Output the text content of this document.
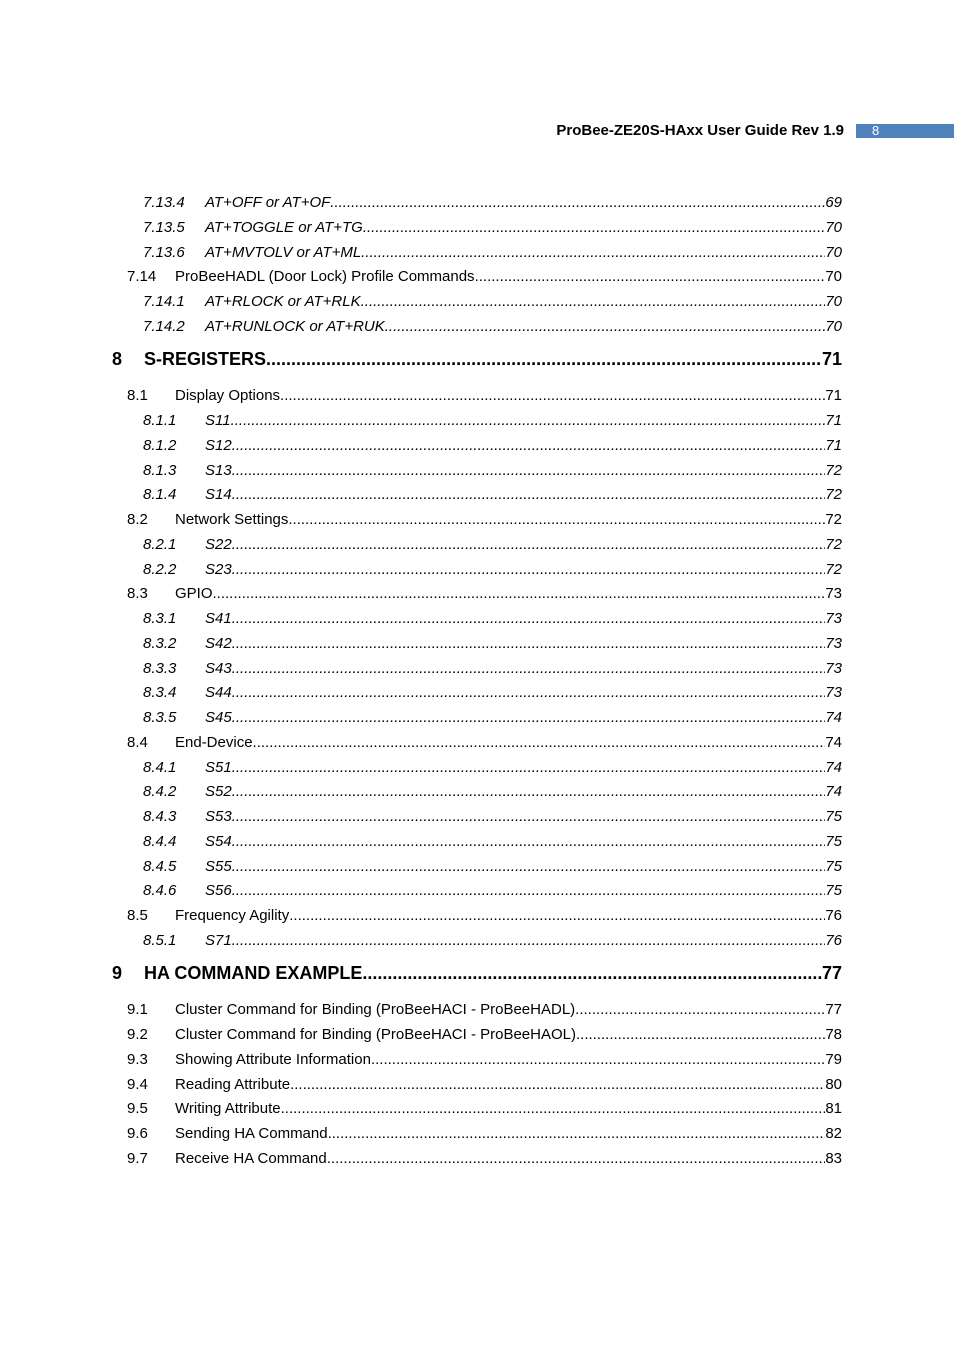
ProBee-ZE20S-HAxx User Guide Rev 1.9	8
7.13.4	AT+OFF or AT+OF .....	69
7.13.5	AT+TOGGLE or AT+TG .....	70
7.13.6	AT+MVTOLV or AT+ML .....	70
7.14	ProBeeHADL (Door Lock) Profile Commands .....	70
7.14.1	AT+RLOCK or AT+RLK .....	70
7.14.2	AT+RUNLOCK or AT+RUK .....	70
8	S-REGISTERS .....	71
8.1	Display Options .....	71
8.1.1	S11 .....	71
8.1.2	S12 .....	71
8.1.3	S13 .....	72
8.1.4	S14 .....	72
8.2	Network Settings .....	72
8.2.1	S22 .....	72
8.2.2	S23 .....	72
8.3	GPIO .....	73
8.3.1	S41 .....	73
8.3.2	S42 .....	73
8.3.3	S43 .....	73
8.3.4	S44 .....	73
8.3.5	S45 .....	74
8.4	End-Device .....	74
8.4.1	S51 .....	74
8.4.2	S52 .....	74
8.4.3	S53 .....	75
8.4.4	S54 .....	75
8.4.5	S55 .....	75
8.4.6	S56 .....	75
8.5	Frequency Agility .....	76
8.5.1	S71 .....	76
9	HA COMMAND EXAMPLE .....	77
9.1	Cluster Command for Binding (ProBeeHACI - ProBeeHADL) .....	77
9.2	Cluster Command for Binding (ProBeeHACI - ProBeeHAOL) .....	78
9.3	Showing Attribute Information .....	79
9.4	Reading Attribute .....	80
9.5	Writing Attribute .....	81
9.6	Sending HA Command .....	82
9.7	Receive HA Command .....	83
